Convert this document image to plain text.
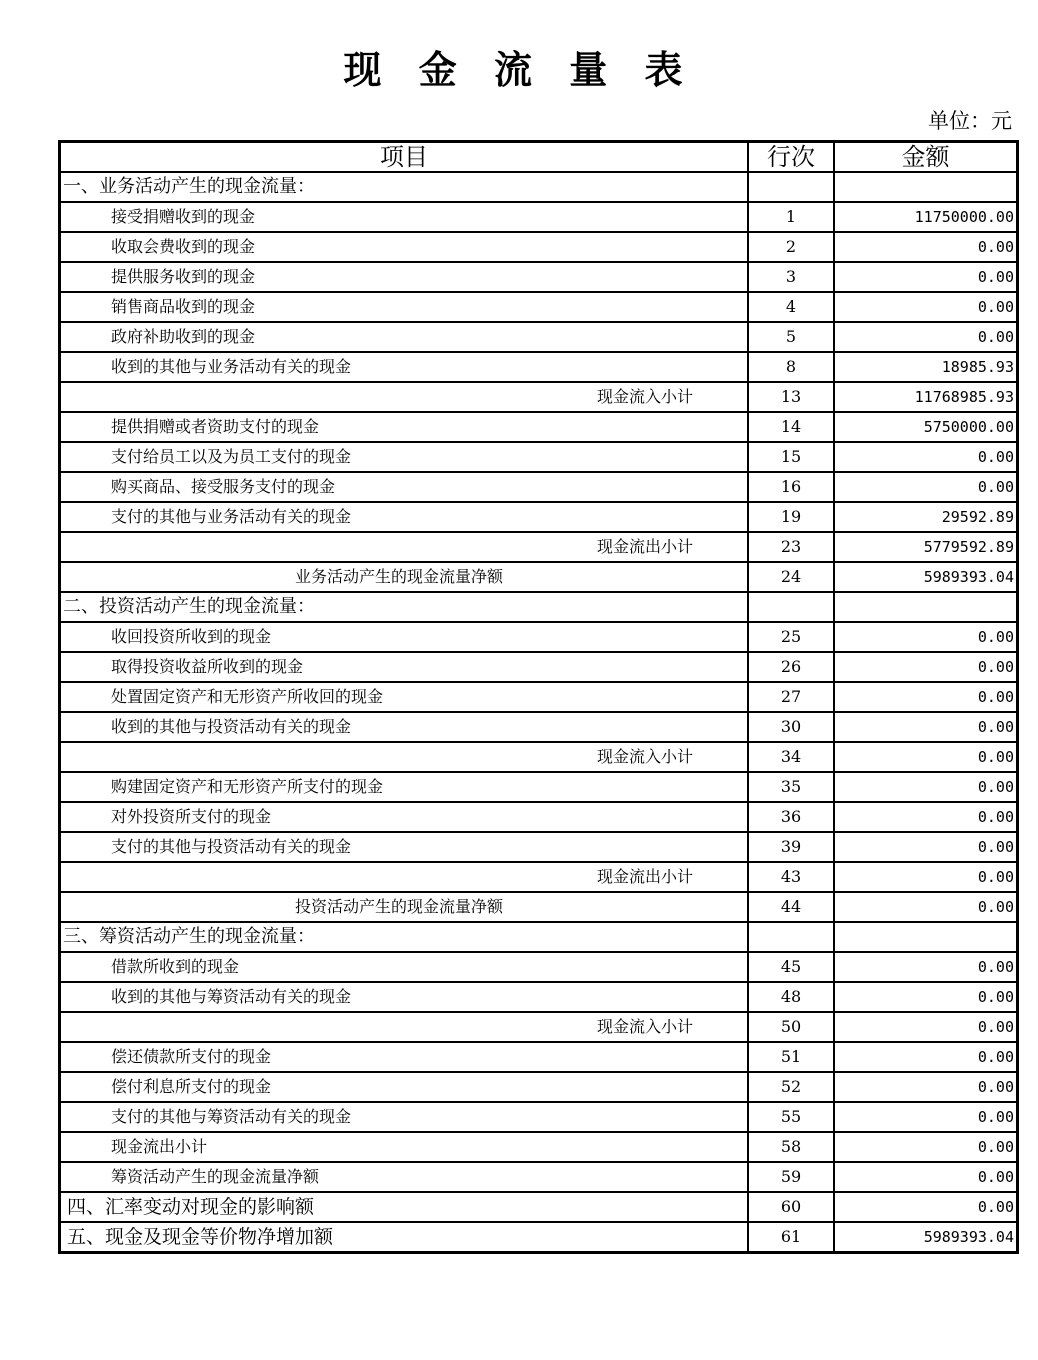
现 金 流 量 表
单位：元
项目	行次	金额
一、业务活动产生的现金流量：		
接受捐赠收到的现金	1	11750000.00
收取会费收到的现金	2	0.00
提供服务收到的现金	3	0.00
销售商品收到的现金	4	0.00
政府补助收到的现金	5	0.00
收到的其他与业务活动有关的现金	8	18985.93
现金流入小计	13	11768985.93
提供捐赠或者资助支付的现金	14	5750000.00
支付给员工以及为员工支付的现金	15	0.00
购买商品、接受服务支付的现金	16	0.00
支付的其他与业务活动有关的现金	19	29592.89
现金流出小计	23	5779592.89
业务活动产生的现金流量净额	24	5989393.04
二、投资活动产生的现金流量：		
收回投资所收到的现金	25	0.00
取得投资收益所收到的现金	26	0.00
处置固定资产和无形资产所收回的现金	27	0.00
收到的其他与投资活动有关的现金	30	0.00
现金流入小计	34	0.00
购建固定资产和无形资产所支付的现金	35	0.00
对外投资所支付的现金	36	0.00
支付的其他与投资活动有关的现金	39	0.00
现金流出小计	43	0.00
投资活动产生的现金流量净额	44	0.00
三、筹资活动产生的现金流量：		
借款所收到的现金	45	0.00
收到的其他与筹资活动有关的现金	48	0.00
现金流入小计	50	0.00
偿还债款所支付的现金	51	0.00
偿付利息所支付的现金	52	0.00
支付的其他与筹资活动有关的现金	55	0.00
现金流出小计	58	0.00
筹资活动产生的现金流量净额	59	0.00
四、汇率变动对现金的影响额	60	0.00
五、现金及现金等价物净增加额	61	5989393.04
